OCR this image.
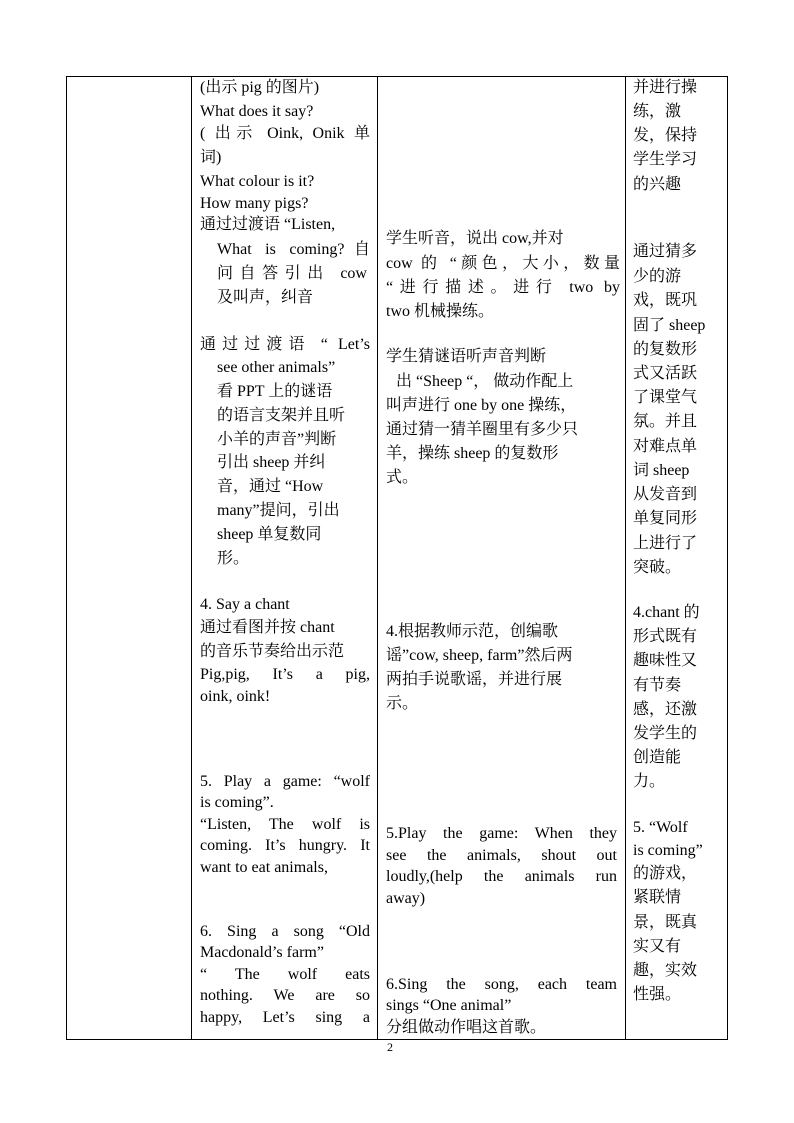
(出示 pig 的图片)
What does it say?
( 出示 Oink, Onik 单
词)
What colour is it?
How many pigs?
通过过渡语 “Listen,
What is coming?自
问自答引出 cow
及叫声，纠音
通过过渡语 “ Let’s
see other animals”
看 PPT 上的谜语
的语言支架并且听
小羊的声音”判断
引出 sheep 并纠
音，通过 “How
many”提问，引出
sheep 单复数同
形。
4. Say a chant
通过看图并按 chant
的音乐节奏给出示范
Pig,pig, It’s a pig,
oink, oink!
5. Play a game: “wolf
is coming”.
“Listen, The wolf is
coming. It’s hungry. It
want to eat animals,
6. Sing a song “Old
Macdonald’s farm”
“ The wolf eats
nothing. We are so
happy, Let’s sing a
学生听音，说出 cow,并对
cow 的 “颜色，大小，数量
“进行描述。进行 two by
two 机械操练。
学生猜谜语听声音判断
出 “Sheep “， 做动作配上
叫声进行 one by one 操练，
通过猜一猜羊圈里有多少只
羊，操练 sheep 的复数形
式。
4.根据教师示范，创编歌
谣”cow, sheep, farm”然后两
两拍手说歌谣，并进行展
示。
5.Play the game: When they
see the animals, shout out
loudly,(help the animals run
away)
6.Sing the song, each team
sings “One animal”
分组做动作唱这首歌。
并进行操
练，激
发，保持
学生学习
的兴趣
通过猜多
少的游
戏，既巩
固了 sheep
的复数形
式又活跃
了课堂气
氛。并且
对难点单
词 sheep
从发音到
单复同形
上进行了
突破。
4.chant 的
形式既有
趣味性又
有节奏
感，还激
发学生的
创造能
力。
5. “Wolf
is coming”
的游戏，
紧联情
景，既真
实又有
趣，实效
性强。
2
